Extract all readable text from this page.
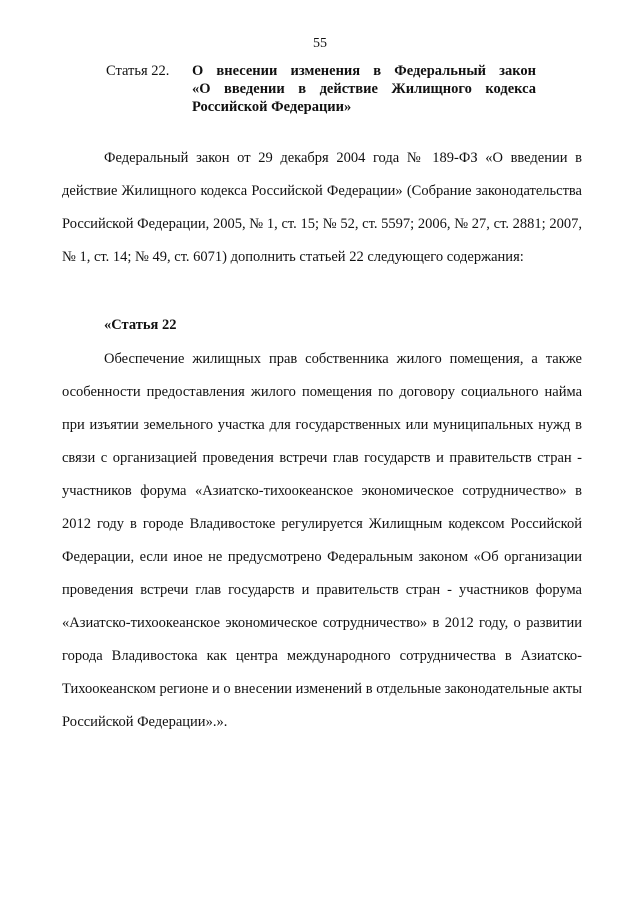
55
Статья 22.	О внесении изменения в Федеральный закон
«О введении в действие Жилищного кодекса
Российской Федерации»

Федеральный закон от 29 декабря 2004 года № 189-ФЗ «О введении в действие Жилищного кодекса Российской Федерации» (Собрание законодательства Российской Федерации, 2005, № 1, ст. 15; № 52, ст. 5597; 2006, № 27, ст. 2881; 2007, № 1, ст. 14; № 49, ст. 6071) дополнить статьей 22 следующего содержания:

«Статья 22

Обеспечение жилищных прав собственника жилого помещения, а также особенности предоставления жилого помещения по договору социального найма при изъятии земельного участка для государственных или муниципальных нужд в связи с организацией проведения встречи глав государств и правительств стран - участников форума «Азиатско-тихоокеанское экономическое сотрудничество» в 2012 году в городе Владивостоке регулируется Жилищным кодексом Российской Федерации, если иное не предусмотрено Федеральным законом «Об организации проведения встречи глав государств и правительств стран - участников форума «Азиатско-тихоокеанское экономическое сотрудничество» в 2012 году, о развитии города Владивостока как центра международного сотрудничества в Азиатско-Тихоокеанском регионе и о внесении изменений в отдельные законодательные акты Российской Федерации».».
